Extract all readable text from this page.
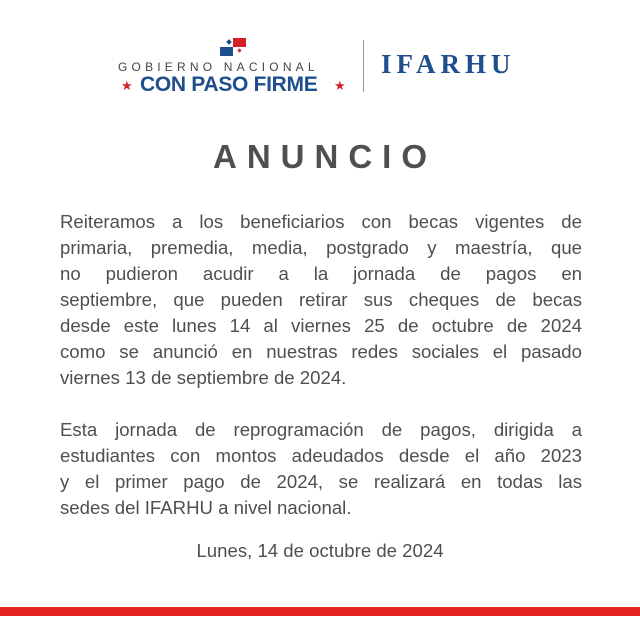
GOBIERNO NACIONAL
★ CON PASO FIRME ★
IFARHU
ANUNCIO
Reiteramos a los beneficiarios con becas vigentes de
primaria, premedia, media, postgrado y maestría, que
no pudieron acudir a la jornada de pagos en
septiembre, que pueden retirar sus cheques de becas
desde este lunes 14 al viernes 25 de octubre de 2024
como se anunció en nuestras redes sociales el pasado
viernes 13 de septiembre de 2024.
Esta jornada de reprogramación de pagos, dirigida a
estudiantes con montos adeudados desde el año 2023
y el primer pago de 2024, se realizará en todas las
sedes del IFARHU a nivel nacional.
Lunes, 14 de octubre de 2024
